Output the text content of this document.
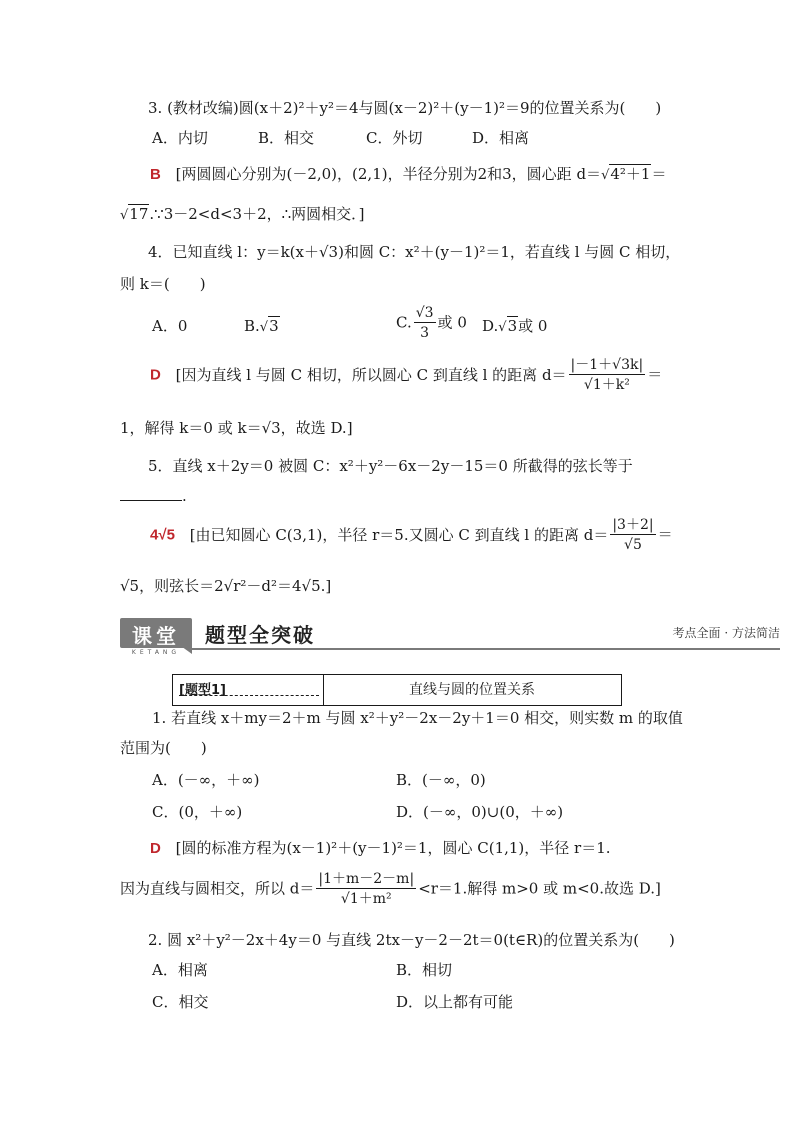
3. (教材改编)圆(x＋2)²＋y²＝4与圆(x－2)²＋(y－1)²＝9的位置关系为(　　)
A．内切	B．相交	C．外切	D．相离
B [两圆圆心分别为(－2,0)，(2,1)，半径分别为2和3，圆心距 d＝√4²＋1＝
√17.∵3－2<d<3＋2，∴两圆相交．]
4．已知直线 l：y＝k(x＋√3)和圆 C：x²＋(y－1)²＝1，若直线 l 与圆 C 相切，
则 k＝(　　)
A．0	B.√3	C. $\frac{√3}{3}$ 或 0 D.√3或 0
D [因为直线 l 与圆 C 相切，所以圆心 C 到直线 l 的距离 $d= \frac{|-1+√3k|}{\text{√1＋k²}}$ ＝
1，解得 k＝0 或 k＝√3，故选 D.]
5．直线 x＋2y＝0 被圆 C：x²＋y²－6x－2y－15＝0 所截得的弦长等于
.
4√5 [由已知圆心 C(3,1)，半径 r＝5.又圆心 C 到直线 l 的距离 $d= \frac{|3+2|}{√5}$ ＝
√5，则弦长＝2√r²－d²＝4√5.]
课堂
KETANG
题型全突破	考点全面 · 方法简洁
[题型1]	直线与圆的位置关系
1. 若直线 x＋my＝2＋m 与圆 x²＋y²－2x－2y＋1＝0 相交，则实数 m 的取值
范围为(　　)
A．(－∞，＋∞)	B．(－∞，0)
C．(0，＋∞)	D．(－∞，0)∪(0，＋∞)
D [圆的标准方程为(x－1)²＋(y－1)²＝1，圆心 C(1,1)，半径 r＝1.
因为直线与圆相交，所以 $d= \frac{|1+m-2-m|}{\text{√1＋m²}} <r=1$.解得 m>0 或 m<0.故选 D.]
2. 圆 x²＋y²－2x＋4y＝0 与直线 2tx－y－2－2t＝0(t∈R)的位置关系为(　　)
A．相离	B．相切
C．相交	D．以上都有可能
